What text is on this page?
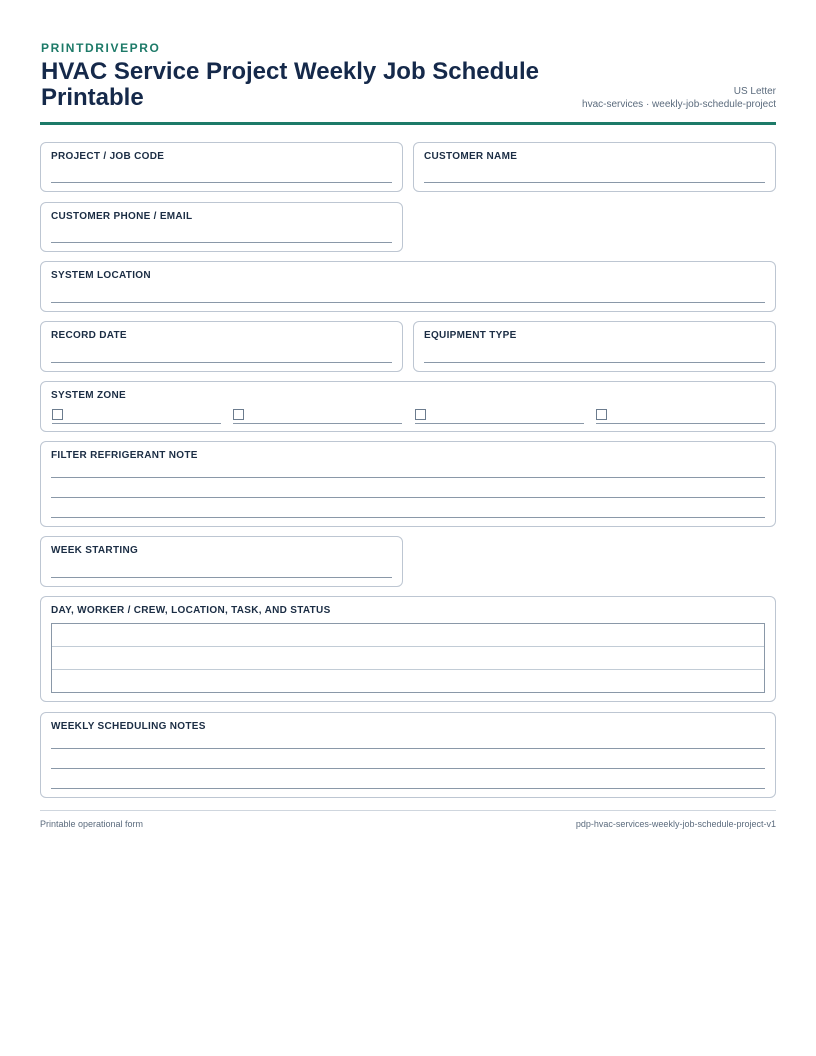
PRINTDRIVEPRO
HVAC Service Project Weekly Job Schedule Printable	US Letter
hvac-services · weekly-job-schedule-project
PROJECT / JOB CODE	CUSTOMER NAME
CUSTOMER PHONE / EMAIL
SYSTEM LOCATION
RECORD DATE	EQUIPMENT TYPE
SYSTEM ZONE
FILTER REFRIGERANT NOTE
WEEK STARTING
DAY, WORKER / CREW, LOCATION, TASK, AND STATUS
WEEKLY SCHEDULING NOTES
Printable operational form	pdp-hvac-services-weekly-job-schedule-project-v1
